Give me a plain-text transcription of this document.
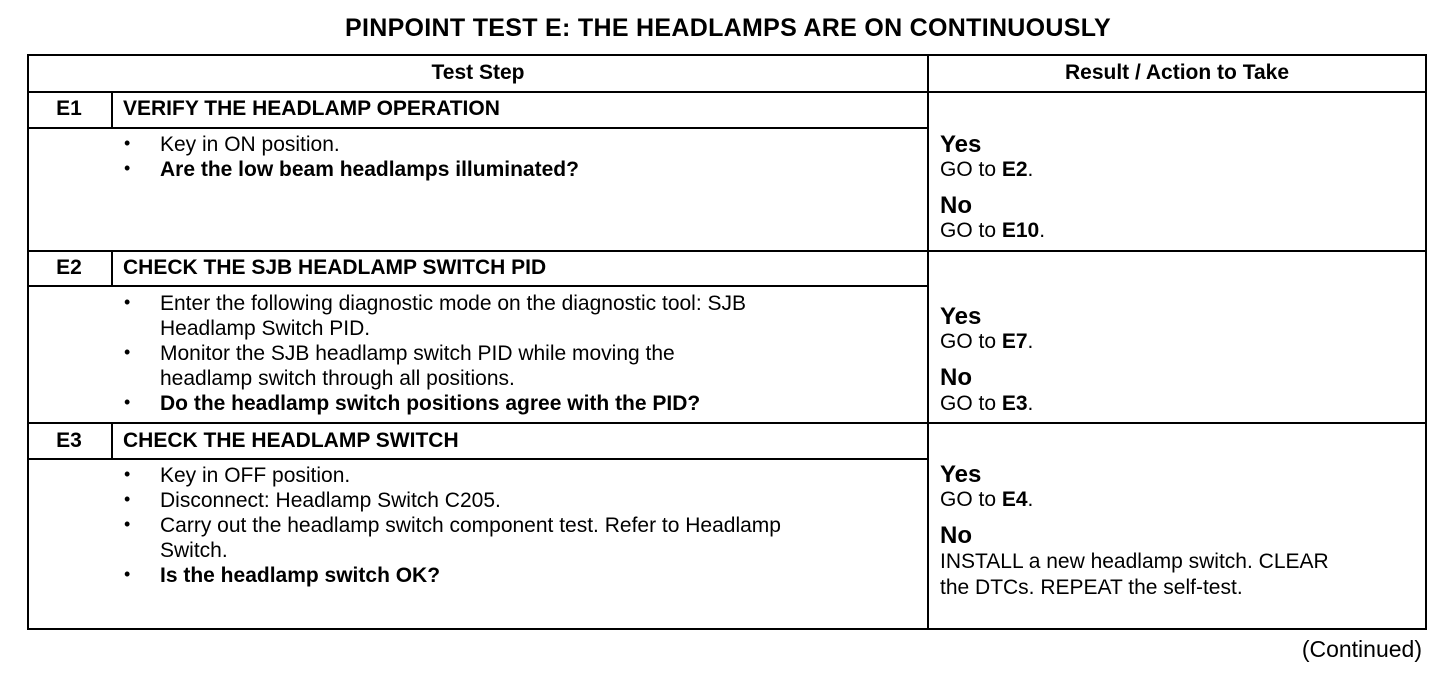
PINPOINT TEST E: THE HEADLAMPS ARE ON CONTINUOUSLY
Test Step	Result / Action to Take
E1	VERIFY THE HEADLAMP OPERATION
• Key in ON position.
• Are the low beam headlamps illuminated?
Yes
GO to E2.
No
GO to E10.
E2	CHECK THE SJB HEADLAMP SWITCH PID
• Enter the following diagnostic mode on the diagnostic tool: SJB
Headlamp Switch PID.
• Monitor the SJB headlamp switch PID while moving the
headlamp switch through all positions.
• Do the headlamp switch positions agree with the PID?
Yes
GO to E7.
No
GO to E3.
E3	CHECK THE HEADLAMP SWITCH
• Key in OFF position.
• Disconnect: Headlamp Switch C205.
• Carry out the headlamp switch component test. Refer to Headlamp
Switch.
• Is the headlamp switch OK?
Yes
GO to E4.
No
INSTALL a new headlamp switch. CLEAR
the DTCs. REPEAT the self-test.
(Continued)
